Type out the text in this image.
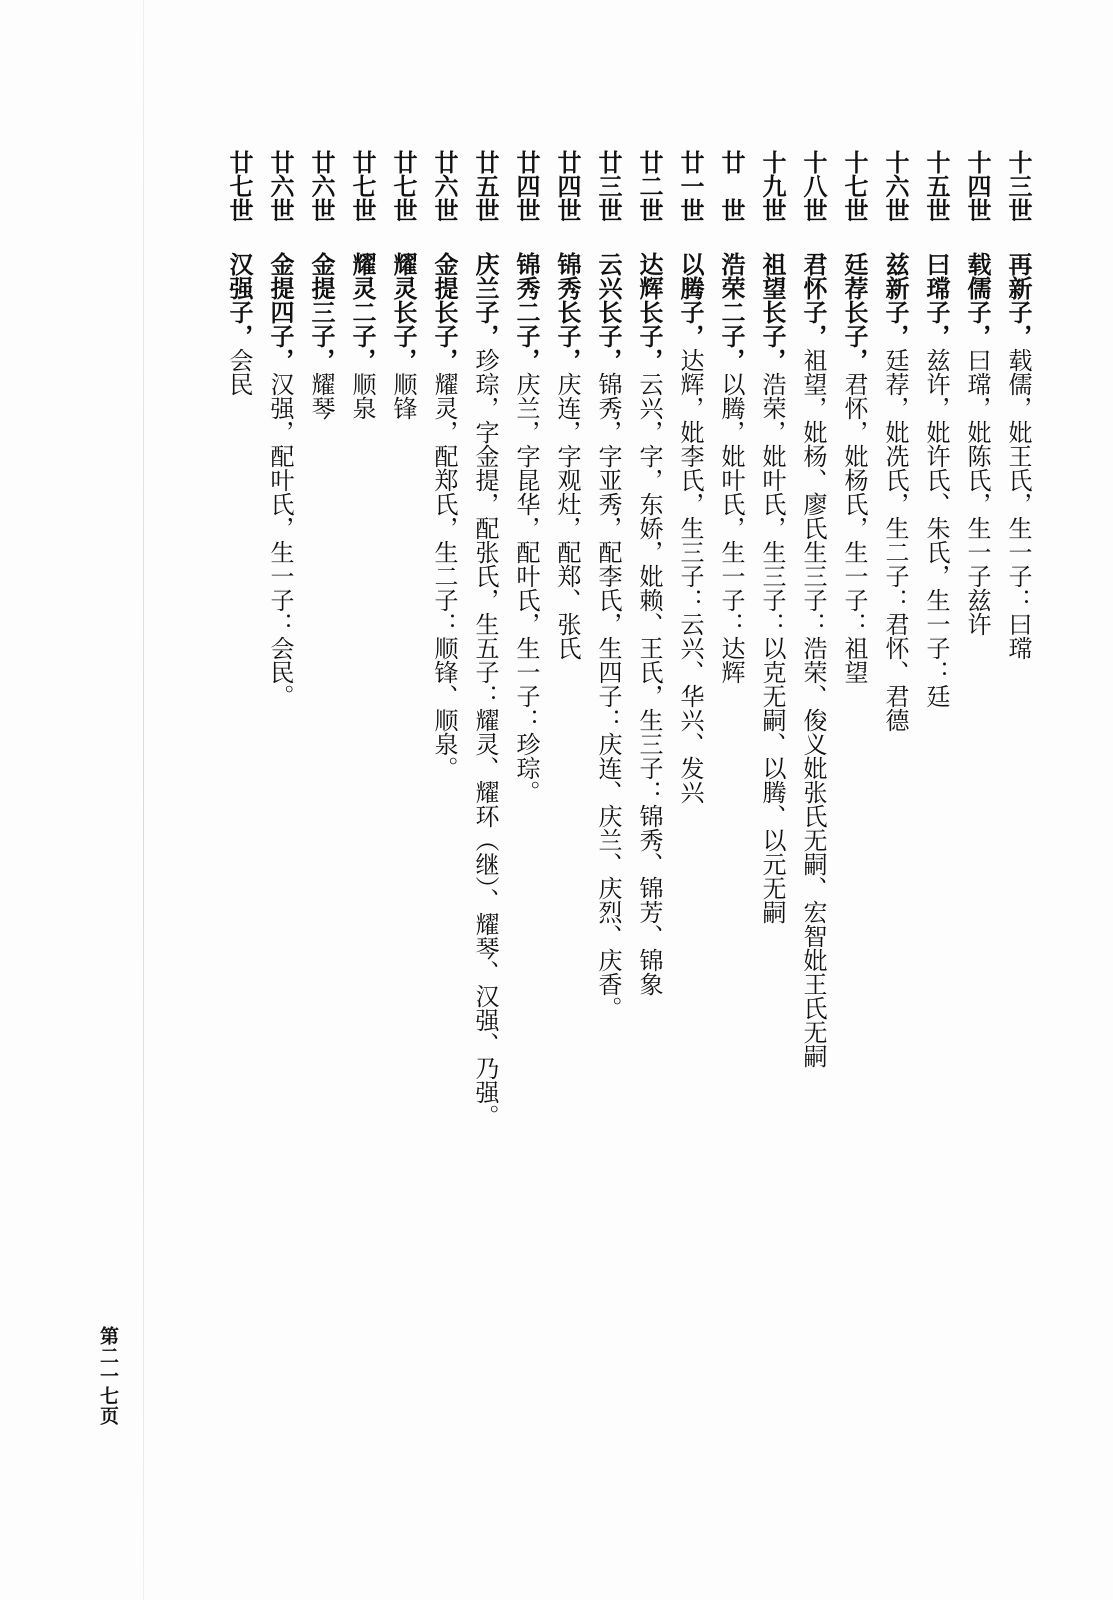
十三世再新子，载儒，妣王氏，生一子：曰瑺
十四世载儒子，曰瑺，妣陈氏，生一子兹许
十五世曰瑺子，兹许，妣许氏、朱氏，生一子：廷
十六世兹新子，廷荐，妣冼氏，生二子：君怀、君德
十七世廷荐长子，君怀，妣杨氏，生一子：祖望
十八世君怀子，祖望，妣杨、廖氏生三子：浩荣、俊义妣张氏无嗣、宏智妣王氏无嗣
十九世祖望长子，浩荣，妣叶氏，生三子：以克无嗣、以腾、以元无嗣
廿　世浩荣二子，以腾，妣叶氏，生一子：达辉
廿一世以腾子，达辉，妣李氏，生三子：云兴、华兴、发兴
廿二世达辉长子，云兴，字，东娇，妣赖、王氏，生三子：锦秀、锦芳、锦象
廿三世云兴长子，锦秀，字亚秀，配李氏，生四子：庆连、庆兰、庆烈、庆香。
廿四世锦秀长子，庆连，字观灶，配郑、张氏
廿四世锦秀二子，庆兰，字昆华，配叶氏，生一子：珍琮。
廿五世庆兰子，珍琮，字金提，配张氏，生五子：耀灵、耀环（继）、耀琴、汉强、乃强。
廿六世金提长子，耀灵，配郑氏，生二子：顺锋、顺泉。
廿七世耀灵长子，顺锋
廿七世耀灵二子，顺泉
廿六世金提三子，耀琴
廿六世金提四子，汉强，配叶氏，生一子：会民。
廿七世汉强子，会民
第二一七页
